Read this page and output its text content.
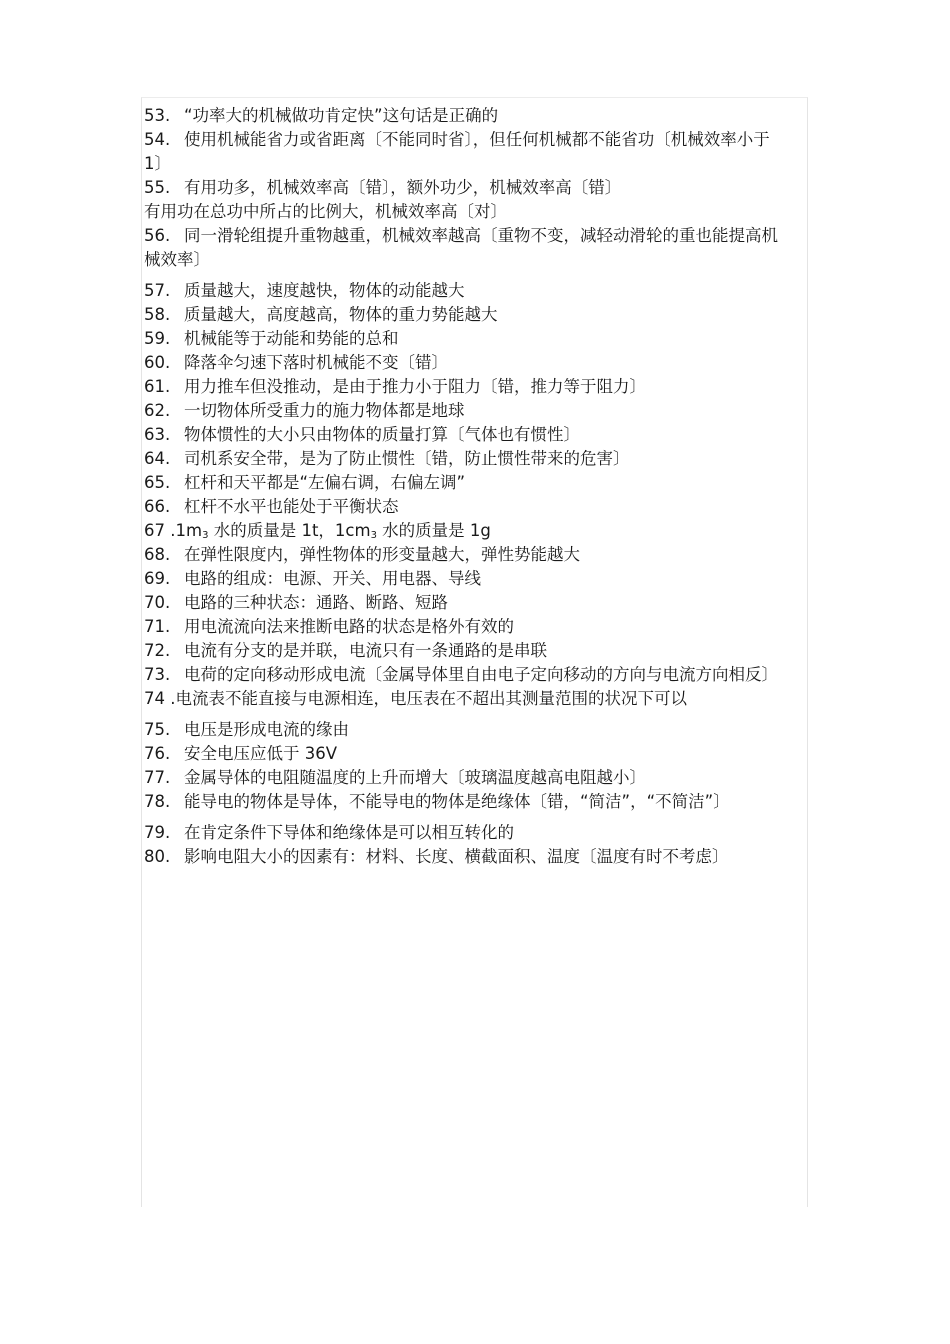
53. “功率大的机械做功肯定快”这句话是正确的

54. 使用机械能省力或省距离〔不能同时省〕，但任何机械都不能省功〔机械效率小于 1〕

55. 有用功多，机械效率高〔错〕，额外功少，机械效率高〔错〕

有用功在总功中所占的比例大，机械效率高〔对〕

56. 同一滑轮组提升重物越重，机械效率越高〔重物不变，减轻动滑轮的重也能提高机械效率〕

57. 质量越大，速度越快，物体的动能越大

58. 质量越大，高度越高，物体的重力势能越大

59. 机械能等于动能和势能的总和

60. 降落伞匀速下落时机械能不变〔错〕

61. 用力推车但没推动，是由于推力小于阻力〔错，推力等于阻力〕

62. 一切物体所受重力的施力物体都是地球

63. 物体惯性的大小只由物体的质量打算〔气体也有惯性〕

64. 司机系安全带，是为了防止惯性〔错，防止惯性带来的危害〕

65. 杠杆和天平都是“左偏右调，右偏左调”

66. 杠杆不水平也能处于平衡状态

67 $.1m_3$ 水的质量是 1t，$1cm_3$ 水的质量是 1g

68. 在弹性限度内，弹性物体的形变量越大，弹性势能越大

69. 电路的组成：电源、开关、用电器、导线

70. 电路的三种状态：通路、断路、短路

71. 用电流流向法来推断电路的状态是格外有效的

72. 电流有分支的是并联，电流只有一条通路的是串联

73. 电荷的定向移动形成电流〔金属导体里自由电子定向移动的方向与电流方向相反〕

74 .电流表不能直接与电源相连，电压表在不超出其测量范围的状况下可以

75. 电压是形成电流的缘由

76. 安全电压应低于 36V

77. 金属导体的电阻随温度的上升而增大〔玻璃温度越高电阻越小〕

78. 能导电的物体是导体，不能导电的物体是绝缘体〔错，“简洁”，“不简洁”〕

79. 在肯定条件下导体和绝缘体是可以相互转化的

80. 影响电阻大小的因素有：材料、长度、横截面积、温度〔温度有时不考虑〕
